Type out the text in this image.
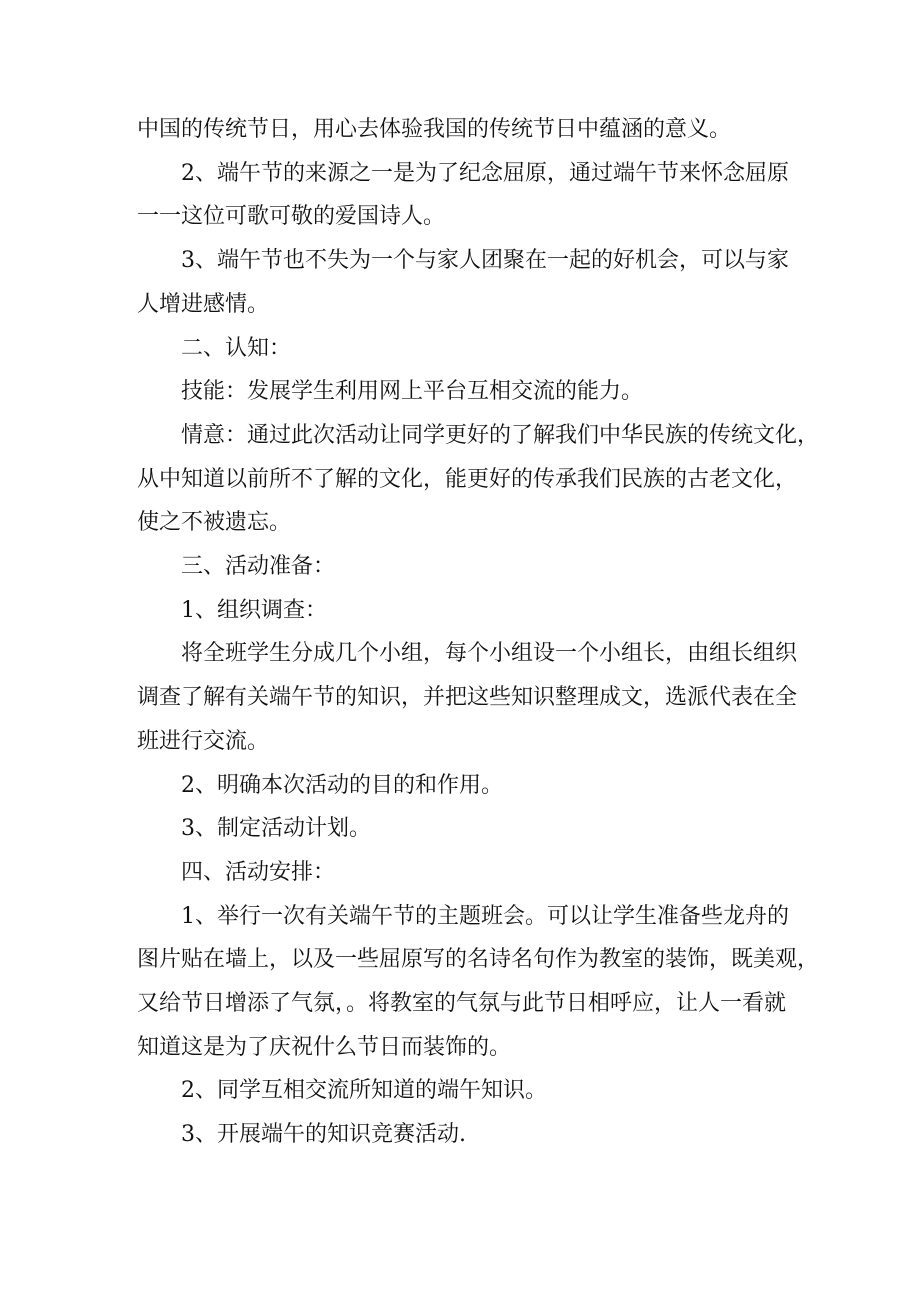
中国的传统节日，用心去体验我国的传统节日中蕴涵的意义。
2、端午节的来源之一是为了纪念屈原，通过端午节来怀念屈原
一一这位可歌可敬的爱国诗人。
3、端午节也不失为一个与家人团聚在一起的好机会，可以与家
人增进感情。
二、认知：
技能：发展学生利用网上平台互相交流的能力。
情意：通过此次活动让同学更好的了解我们中华民族的传统文化，
从中知道以前所不了解的文化，能更好的传承我们民族的古老文化，
使之不被遗忘。
三、活动准备：
1、组织调查：
将全班学生分成几个小组，每个小组设一个小组长，由组长组织
调查了解有关端午节的知识，并把这些知识整理成文，选派代表在全
班进行交流。
2、明确本次活动的目的和作用。
3、制定活动计划。
四、活动安排：
1、举行一次有关端午节的主题班会。可以让学生准备些龙舟的
图片贴在墙上，以及一些屈原写的名诗名句作为教室的装饰，既美观，
又给节日增添了气氛，。将教室的气氛与此节日相呼应，让人一看就
知道这是为了庆祝什么节日而装饰的。
2、同学互相交流所知道的端午知识。
3、开展端午的知识竞赛活动.
